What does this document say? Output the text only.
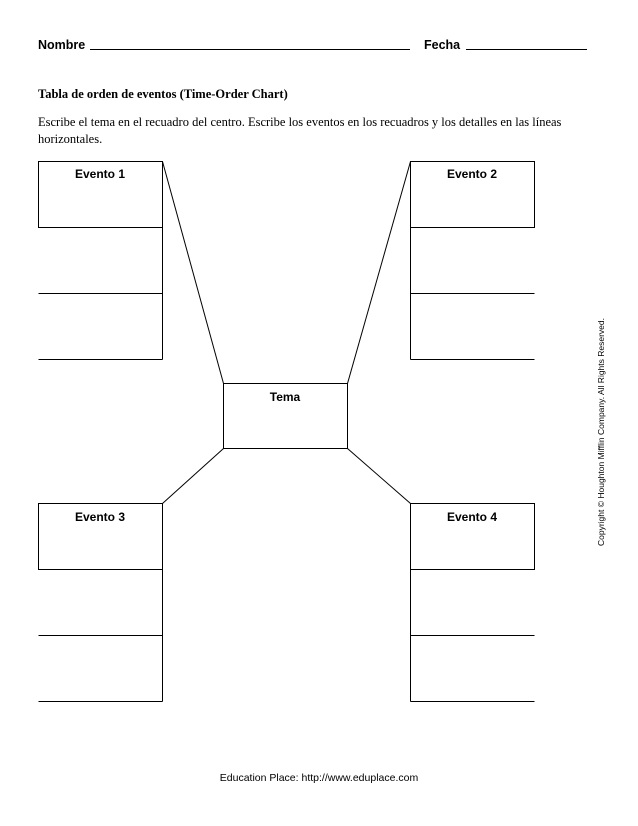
Nombre	Fecha
Tabla de orden de eventos (Time-Order Chart)
Escribe el tema en el recuadro del centro. Escribe los eventos en los recuadros y los detalles en las líneas horizontales.
Evento 1	Evento 2
Tema
Evento 3	Evento 4	Copyright © Houghton Mifflin Company. All Rights Reserved.
Education Place: http://www.eduplace.com
